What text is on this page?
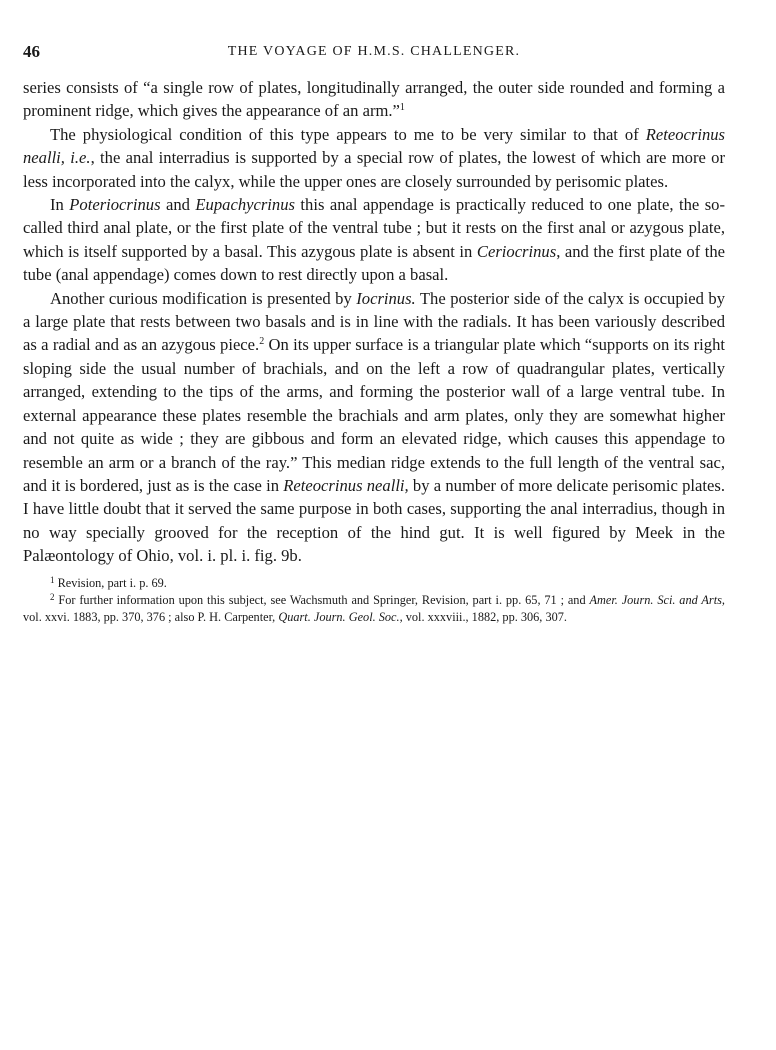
46	THE VOYAGE OF H.M.S. CHALLENGER.

series consists of “a single row of plates, longitudinally arranged, the outer side rounded and forming a prominent ridge, which gives the appearance of an arm.”$^1$

The physiological condition of this type appears to me to be very similar to that of Reteocrinus nealli, i.e., the anal interradius is supported by a special row of plates, the lowest of which are more or less incorporated into the calyx, while the upper ones are closely surrounded by perisomic plates.

In Poteriocrinus and Eupachycrinus this anal appendage is practically reduced to one plate, the so-called third anal plate, or the first plate of the ventral tube ; but it rests on the first anal or azygous plate, which is itself supported by a basal. This azygous plate is absent in Ceriocrinus, and the first plate of the tube (anal appendage) comes down to rest directly upon a basal.

Another curious modification is presented by Iocrinus. The posterior side of the calyx is occupied by a large plate that rests between two basals and is in line with the radials. It has been variously described as a radial and as an azygous piece.$^2$ On its upper surface is a triangular plate which “supports on its right sloping side the usual number of brachials, and on the left a row of quadrangular plates, vertically arranged, extending to the tips of the arms, and forming the posterior wall of a large ventral tube. In external appearance these plates resemble the brachials and arm plates, only they are somewhat higher and not quite as wide ; they are gibbous and form an elevated ridge, which causes this appendage to resemble an arm or a branch of the ray.” This median ridge extends to the full length of the ventral sac, and it is bordered, just as is the case in Reteocrinus nealli, by a number of more delicate perisomic plates. I have little doubt that it served the same purpose in both cases, supporting the anal interradius, though in no way specially grooved for the reception of the hind gut. It is well figured by Meek in the Palæontology of Ohio, vol. i. pl. i. fig. 9b.

$^1$ Revision, part i. p. 69.

$^2$ For further information upon this subject, see Wachsmuth and Springer, Revision, part i. pp. 65, 71 ; and Amer. Journ. Sci. and Arts, vol. xxvi. 1883, pp. 370, 376 ; also P. H. Carpenter, Quart. Journ. Geol. Soc., vol. xxxviii., 1882, pp. 306, 307.
